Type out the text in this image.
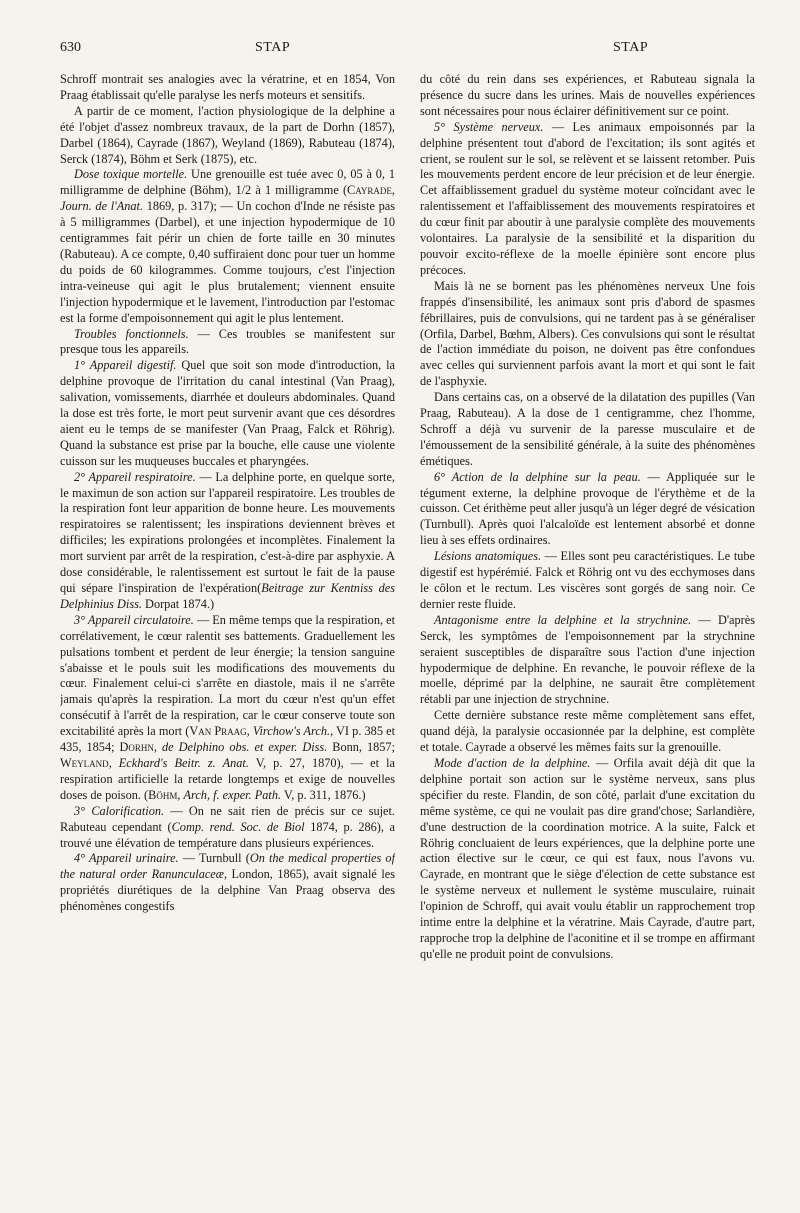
630	STAP	STAP

Schroff montrait ses analogies avec la vératrine, et en 1854, Von Praag établissait qu'elle paralyse les nerfs moteurs et sensitifs.

A partir de ce moment, l'action physiologique de la delphine a été l'objet d'assez nombreux travaux, de la part de Dorhn (1857), Darbel (1864), Cayrade (1867), Weyland (1869), Rabuteau (1874), Serck (1874), Böhm et Serk (1875), etc.

Dose toxique mortelle. Une grenouille est tuée avec 0, 05 à 0, 1 milligramme de delphine (Böhm), 1/2 à 1 milligramme (Cayrade, Journ. de l'Anat. 1869, p. 317); — Un cochon d'Inde ne résiste pas à 5 milligrammes (Darbel), et une injection hypodermique de 10 centigrammes fait périr un chien de forte taille en 30 minutes (Rabuteau). A ce compte, 0,40 suffiraient donc pour tuer un homme du poids de 60 kilogrammes. Comme toujours, c'est l'injection intra-veineuse qui agit le plus brutalement; viennent ensuite l'injection hypodermique et le lavement, l'introduction par l'estomac est la forme d'empoisonnement qui agit le plus lentement.

Troubles fonctionnels. — Ces troubles se manifestent sur presque tous les appareils.

1° Appareil digestif. Quel que soit son mode d'introduction, la delphine provoque de l'irritation du canal intestinal (Van Praag), salivation, vomissements, diarrhée et douleurs abdominales. Quand la dose est très forte, le mort peut survenir avant que ces désordres aient eu le temps de se manifester (Van Praag, Falck et Röhrig). Quand la substance est prise par la bouche, elle cause une violente cuisson sur les muqueuses buccales et pharyngées.

2° Appareil respiratoire. — La delphine porte, en quelque sorte, le maximun de son action sur l'appareil respiratoire. Les troubles de la respiration font leur apparition de bonne heure. Les mouvements respiratoires se ralentissent; les inspirations deviennent brèves et difficiles; les expirations prolongées et incomplètes. Finalement la mort survient par arrêt de la respiration, c'est-à-dire par asphyxie. A dose considérable, le ralentissement est surtout le fait de la pause qui sépare l'inspiration de l'expération(Beitrage zur Kentniss des Delphinius Diss. Dorpat 1874.)

3° Appareil circulatoire. — En même temps que la respiration, et corrélativement, le cœur ralentit ses battements. Graduellement les pulsations tombent et perdent de leur énergie; la tension sanguine s'abaisse et le pouls suit les modifications des mouvements du cœur. Finalement celui-ci s'arrête en diastole, mais il ne s'arrête jamais qu'après la respiration. La mort du cœur n'est qu'un effet consécutif à l'arrêt de la respiration, car le cœur conserve toute son excitabilité après la mort (Van Praag, Virchow's Arch., VI p. 385 et 435, 1854; Dorhn, de Delphino obs. et exper. Diss. Bonn, 1857; Weyland, Eckhard's Beitr. z. Anat. V, p. 27, 1870), — et la respiration artificielle la retarde longtemps et exige de nouvelles doses de poison. (Böhm, Arch, f. exper. Path. V, p. 311, 1876.)

3° Calorification. — On ne sait rien de précis sur ce sujet. Rabuteau cependant (Comp. rend. Soc. de Biol 1874, p. 286), a trouvé une élévation de température dans plusieurs expériences.

4° Appareil urinaire. — Turnbull (On the medical properties of the natural order Ranunculaceæ, London, 1865), avait signalé les propriétés diurétiques de la delphine Van Praag observa des phénomènes congestifs

du côté du rein dans ses expériences, et Rabuteau signala la présence du sucre dans les urines. Mais de nouvelles expériences sont nécessaires pour nous éclairer définitivement sur ce point.

5° Système nerveux. — Les animaux empoisonnés par la delphine présentent tout d'abord de l'excitation; ils sont agités et crient, se roulent sur le sol, se relèvent et se laissent retomber. Puis les mouvements perdent encore de leur précision et de leur énergie. Cet affaiblissement graduel du système moteur coïncidant avec le ralentissement et l'affaiblissement des mouvements respiratoires et du cœur finit par aboutir à une paralysie complète des mouvements volontaires. La paralysie de la sensibilité et la disparition du pouvoir excito-réflexe de la moelle épinière sont encore plus précoces.

Mais là ne se bornent pas les phénomènes nerveux Une fois frappés d'insensibilité, les animaux sont pris d'abord de spasmes fébrillaires, puis de convulsions, qui ne tardent pas à se généraliser (Orfila, Darbel, Bœhm, Albers). Ces convulsions qui sont le résultat de l'action immédiate du poison, ne doivent pas être confondues avec celles qui surviennent parfois avant la mort et qui sont le fait de l'asphyxie.

Dans certains cas, on a observé de la dilatation des pupilles (Van Praag, Rabuteau). A la dose de 1 centigramme, chez l'homme, Schroff a déjà vu survenir de la paresse musculaire et de l'émoussement de la sensibilité générale, à la suite des phénomènes émétiques.

6° Action de la delphine sur la peau. — Appliquée sur le tégument externe, la delphine provoque de l'érythème et de la cuisson. Cet érithème peut aller jusqu'à un léger degré de vésication (Turnbull). Après quoi l'alcaloïde est lentement absorbé et donne lieu à ses effets ordinaires.

Lésions anatomiques. — Elles sont peu caractéristiques. Le tube digestif est hypérémié. Falck et Röhrig ont vu des ecchymoses dans le côlon et le rectum. Les viscères sont gorgés de sang noir. Ce dernier reste fluide.

Antagonisme entre la delphine et la strychnine. — D'après Serck, les symptômes de l'empoisonnement par la strychnine seraient susceptibles de disparaître sous l'action d'une injection hypodermique de delphine. En revanche, le pouvoir réflexe de la moelle, déprimé par la delphine, ne saurait être complètement rétabli par une injection de strychnine.

Cette dernière substance reste même complètement sans effet, quand déjà, la paralysie occasionnée par la delphine, est complète et totale. Cayrade a observé les mêmes faits sur la grenouille.

Mode d'action de la delphine. — Orfila avait déjà dit que la delphine portait son action sur le système nerveux, sans plus spécifier du reste. Flandin, de son côté, parlait d'une excitation du même système, ce qui ne voulait pas dire grand'chose; Sarlandière, d'une destruction de la coordination motrice. A la suite, Falck et Röhrig concluaient de leurs expériences, que la delphine porte une action élective sur le cœur, ce qui est faux, nous l'avons vu. Cayrade, en montrant que le siège d'élection de cette substance est le système nerveux et nullement le système musculaire, ruinait l'opinion de Schroff, qui avait voulu établir un rapprochement trop intime entre la delphine et la vératrine. Mais Cayrade, d'autre part, rapproche trop la delphine de l'aconitine et il se trompe en affirmant qu'elle ne produit point de convulsions.
